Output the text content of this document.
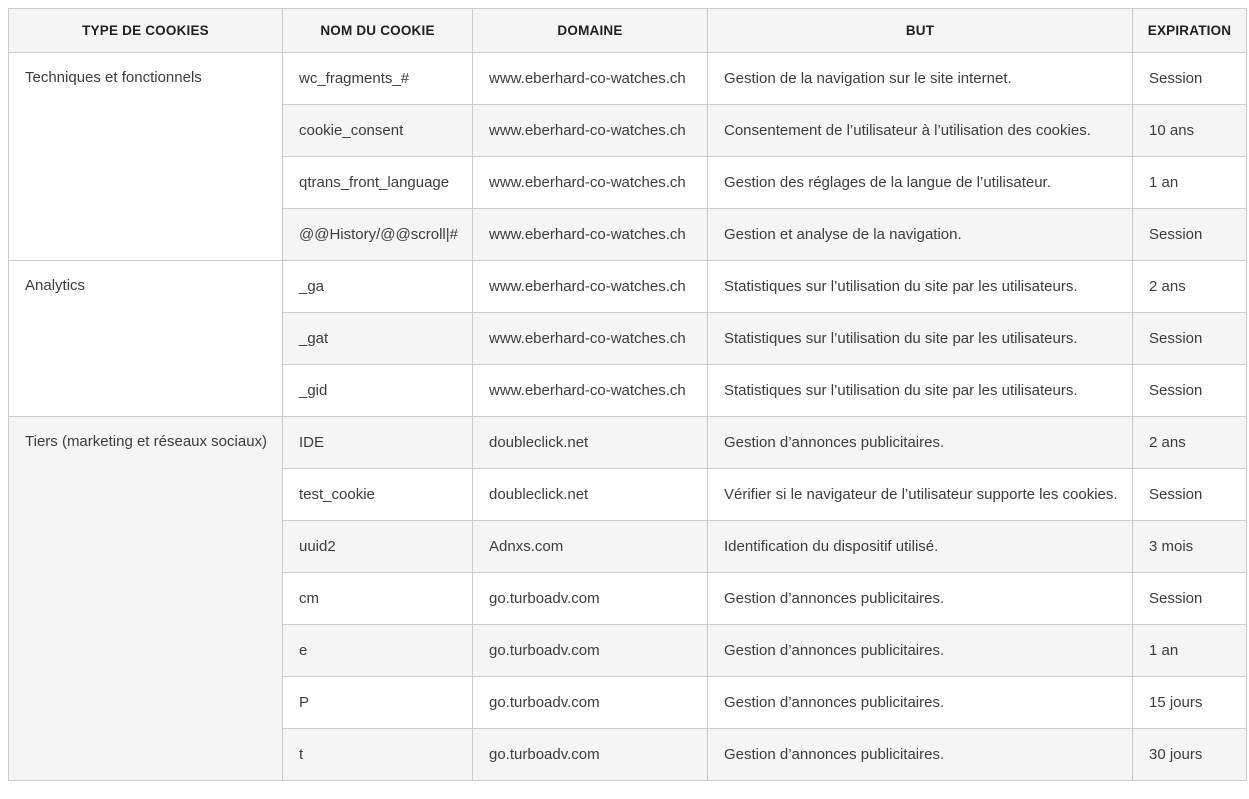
TYPE DE COOKIES	NOM DU COOKIE	DOMAINE	BUT	EXPIRATION
Techniques et fonctionnels	wc_fragments_#	www.eberhard-co-watches.ch	Gestion de la navigation sur le site internet.	Session
	cookie_consent	www.eberhard-co-watches.ch	Consentement de l’utilisateur à l’utilisation des cookies.	10 ans
	qtrans_front_language	www.eberhard-co-watches.ch	Gestion des réglages de la langue de l’utilisateur.	1 an
	@@History/@@scroll|#	www.eberhard-co-watches.ch	Gestion et analyse de la navigation.	Session
Analytics	_ga	www.eberhard-co-watches.ch	Statistiques sur l’utilisation du site par les utilisateurs.	2 ans
	_gat	www.eberhard-co-watches.ch	Statistiques sur l’utilisation du site par les utilisateurs.	Session
	_gid	www.eberhard-co-watches.ch	Statistiques sur l’utilisation du site par les utilisateurs.	Session
Tiers (marketing et réseaux sociaux)	IDE	doubleclick.net	Gestion d’annonces publicitaires.	2 ans
	test_cookie	doubleclick.net	Vérifier si le navigateur de l’utilisateur supporte les cookies.	Session
	uuid2	Adnxs.com	Identification du dispositif utilisé.	3 mois
	cm	go.turboadv.com	Gestion d’annonces publicitaires.	Session
	e	go.turboadv.com	Gestion d’annonces publicitaires.	1 an
	P	go.turboadv.com	Gestion d’annonces publicitaires.	15 jours
	t	go.turboadv.com	Gestion d’annonces publicitaires.	30 jours
